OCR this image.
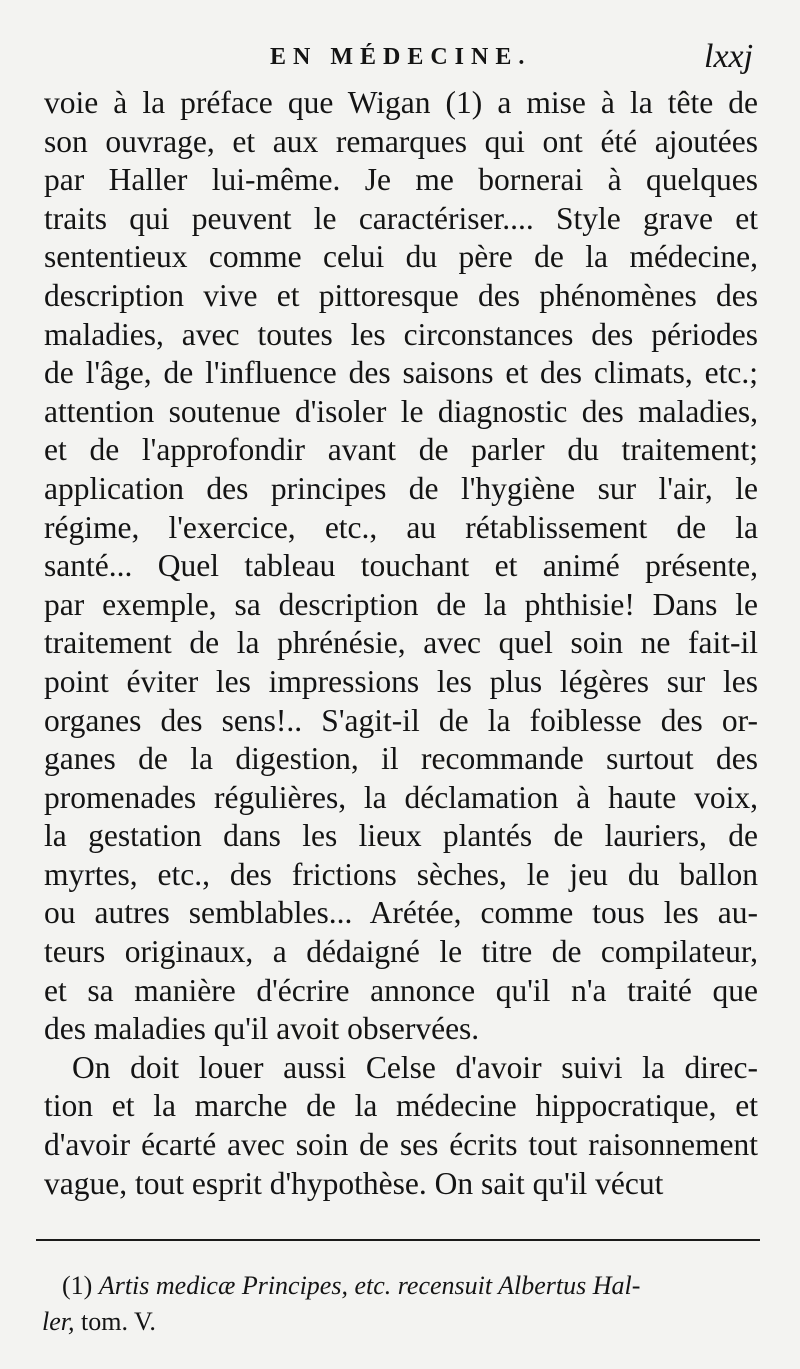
EN MÉDECINE.	lxxj
voie à la préface que Wigan (1) a mise à la tête de
son ouvrage, et aux remarques qui ont été ajoutées
par Haller lui-même. Je me bornerai à quelques
traits qui peuvent le caractériser.... Style grave et
sententieux comme celui du père de la médecine,
description vive et pittoresque des phénomènes des
maladies, avec toutes les circonstances des périodes
de l'âge, de l'influence des saisons et des climats, etc.;
attention soutenue d'isoler le diagnostic des maladies,
et de l'approfondir avant de parler du traitement;
application des principes de l'hygiène sur l'air, le
régime, l'exercice, etc., au rétablissement de la
santé... Quel tableau touchant et animé présente,
par exemple, sa description de la phthisie! Dans le
traitement de la phrénésie, avec quel soin ne fait-il
point éviter les impressions les plus légères sur les
organes des sens!.. S'agit-il de la foiblesse des or-
ganes de la digestion, il recommande surtout des
promenades régulières, la déclamation à haute voix,
la gestation dans les lieux plantés de lauriers, de
myrtes, etc., des frictions sèches, le jeu du ballon
ou autres semblables... Arétée, comme tous les au-
teurs originaux, a dédaigné le titre de compilateur,
et sa manière d'écrire annonce qu'il n'a traité que
des maladies qu'il avoit observées.
On doit louer aussi Celse d'avoir suivi la direc-
tion et la marche de la médecine hippocratique, et
d'avoir écarté avec soin de ses écrits tout raisonnement
vague, tout esprit d'hypothèse. On sait qu'il vécut
(1) Artis medicæ Principes, etc. recensuit Albertus Hal-
ler, tom. V.
